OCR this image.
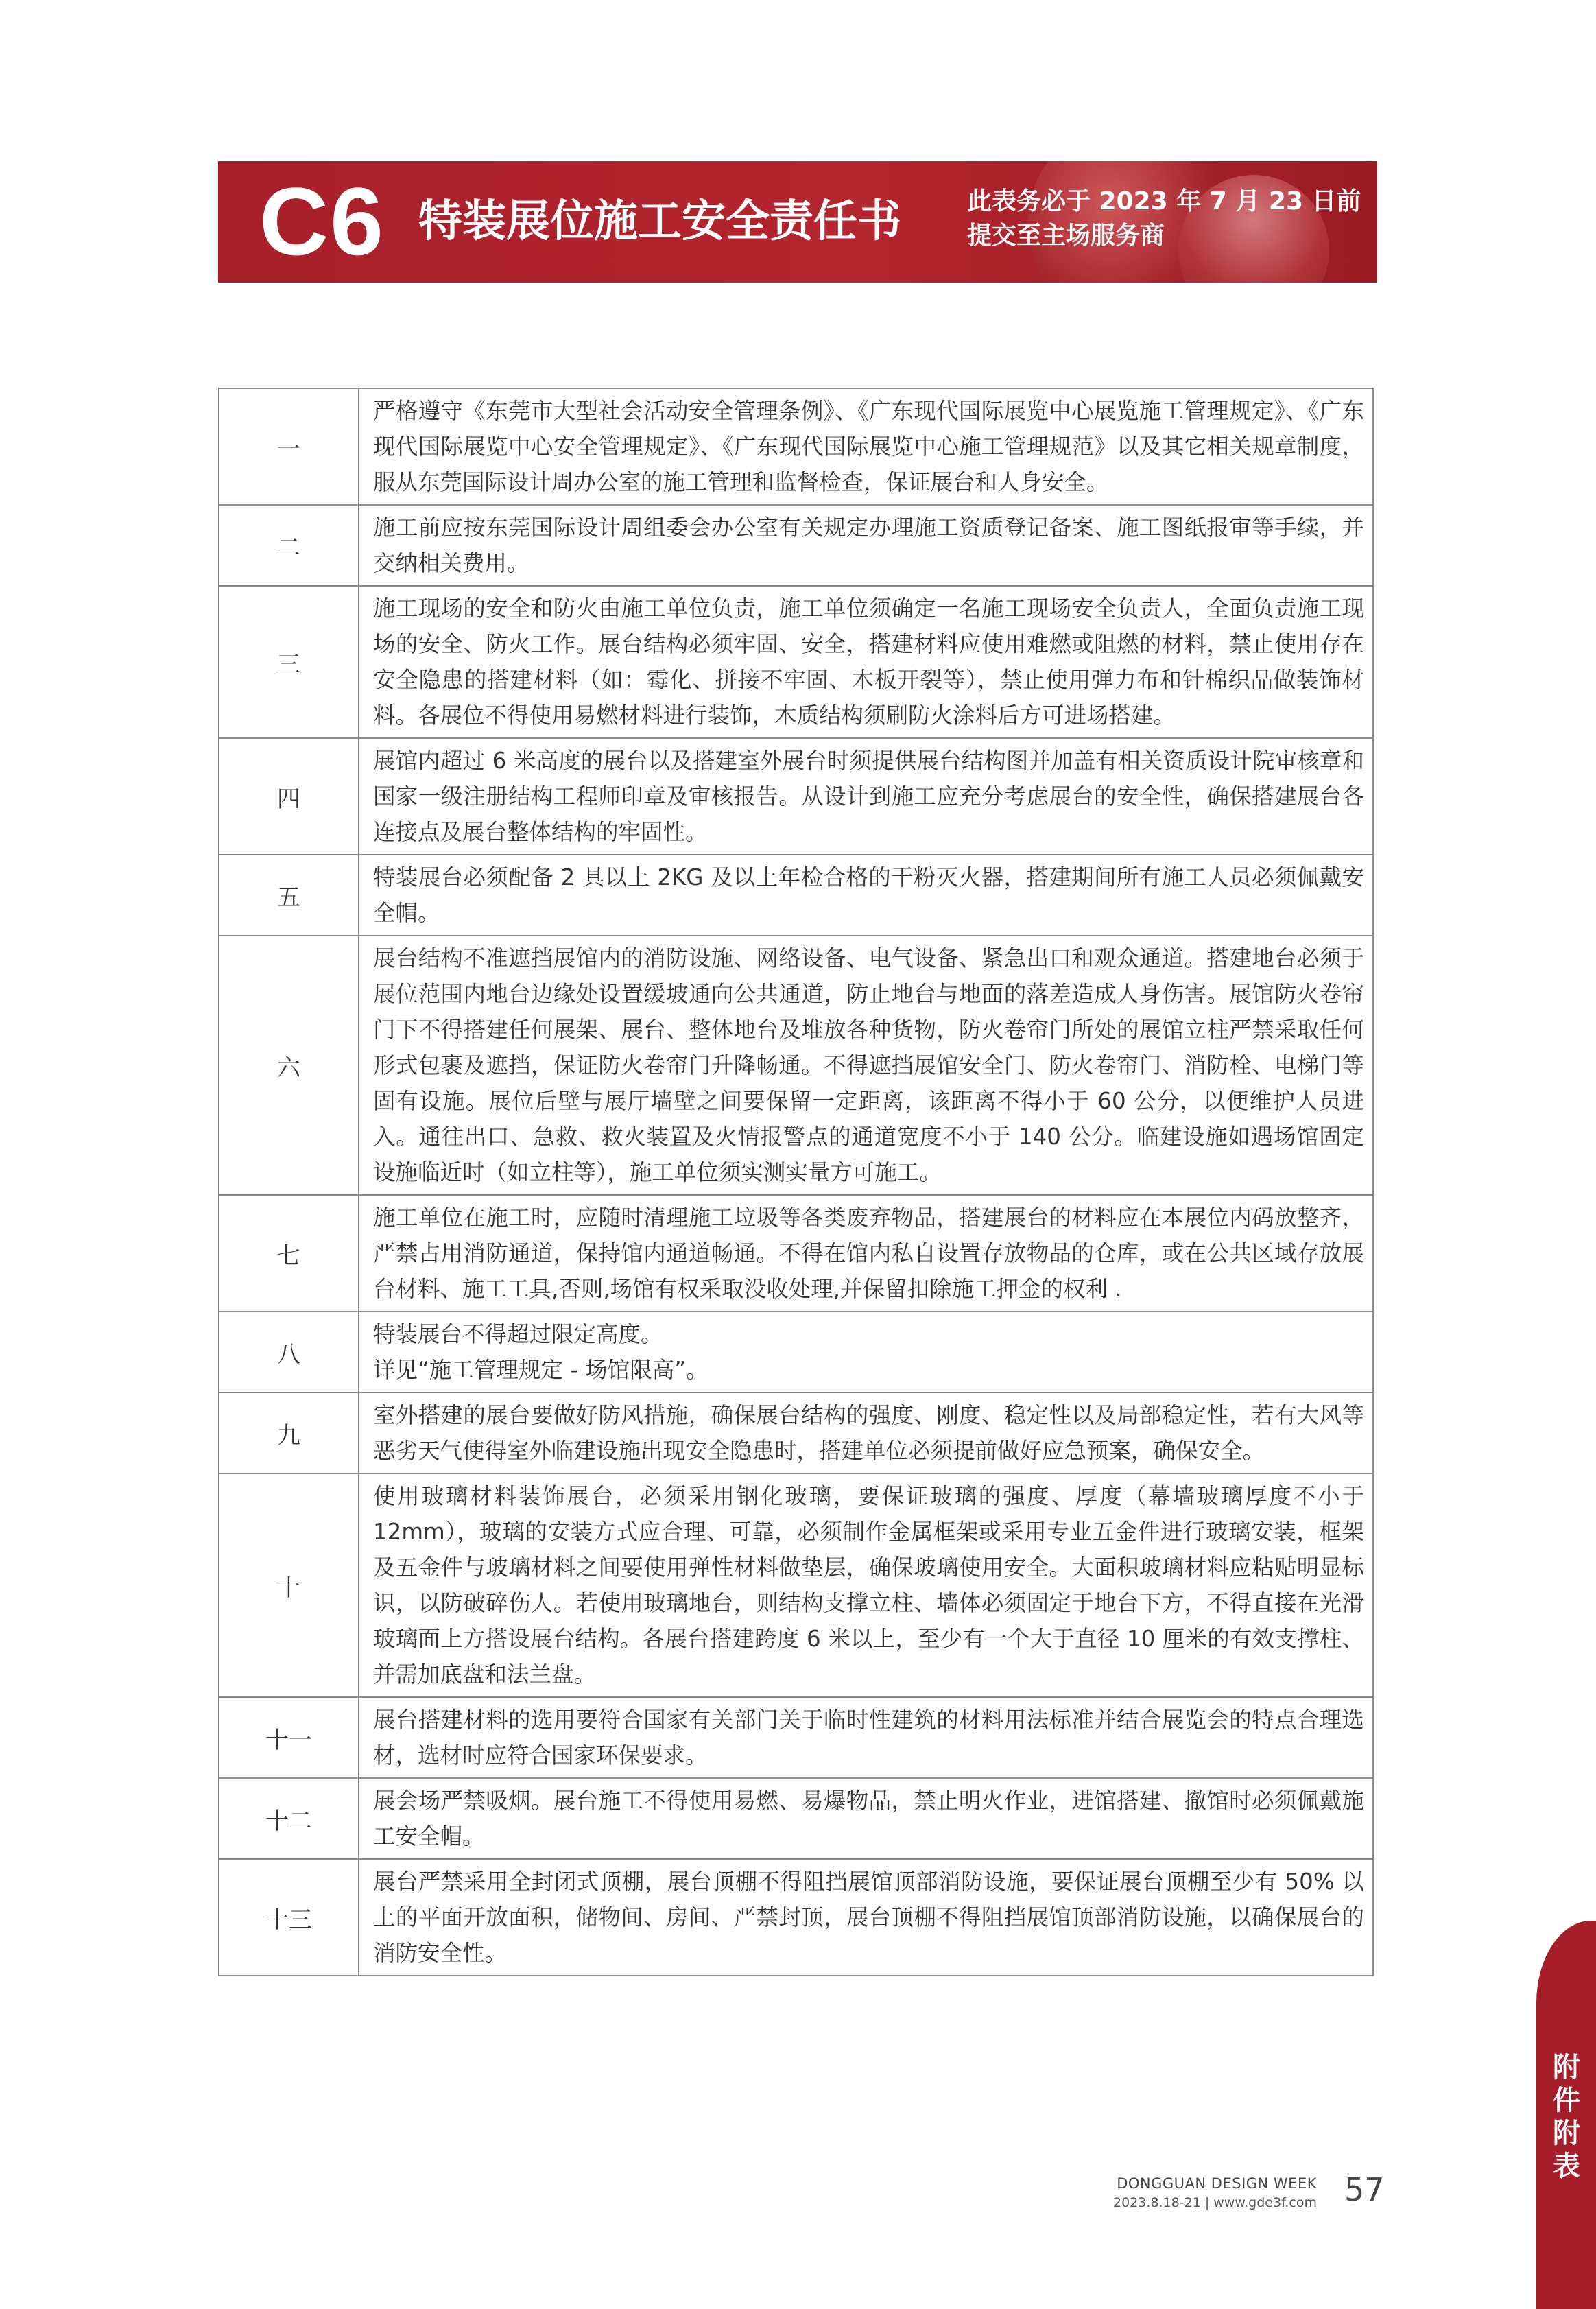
C6 特装展位施工安全责任书	此表务必于 2023 年 7 月 23 日前
提交至主场服务商
一	严格遵守《东莞市大型社会活动安全管理条例》、《广东现代国际展览中心展览施工管理规定》、《广东现代国际展览中心安全管理规定》、《广东现代国际展览中心施工管理规范》以及其它相关规章制度，服从东莞国际设计周办公室的施工管理和监督检查，保证展台和人身安全。
二	施工前应按东莞国际设计周组委会办公室有关规定办理施工资质登记备案、施工图纸报审等手续，并交纳相关费用。
三	施工现场的安全和防火由施工单位负责，施工单位须确定一名施工现场安全负责人，全面负责施工现场的安全、防火工作。展台结构必须牢固、安全，搭建材料应使用难燃或阻燃的材料，禁止使用存在安全隐患的搭建材料（如：霉化、拼接不牢固、木板开裂等），禁止使用弹力布和针棉织品做装饰材料。各展位不得使用易燃材料进行装饰，木质结构须刷防火涂料后方可进场搭建。
四	展馆内超过 6 米高度的展台以及搭建室外展台时须提供展台结构图并加盖有相关资质设计院审核章和国家一级注册结构工程师印章及审核报告。从设计到施工应充分考虑展台的安全性，确保搭建展台各连接点及展台整体结构的牢固性。
五	特装展台必须配备 2 具以上 2KG 及以上年检合格的干粉灭火器，搭建期间所有施工人员必须佩戴安全帽。
六	展台结构不准遮挡展馆内的消防设施、网络设备、电气设备、紧急出口和观众通道。搭建地台必须于展位范围内地台边缘处设置缓坡通向公共通道，防止地台与地面的落差造成人身伤害。展馆防火卷帘门下不得搭建任何展架、展台、整体地台及堆放各种货物，防火卷帘门所处的展馆立柱严禁采取任何形式包裹及遮挡，保证防火卷帘门升降畅通。不得遮挡展馆安全门、防火卷帘门、消防栓、电梯门等固有设施。展位后壁与展厅墙壁之间要保留一定距离，该距离不得小于 60 公分，以便维护人员进入。通往出口、急救、救火装置及火情报警点的通道宽度不小于 140 公分。临建设施如遇场馆固定设施临近时（如立柱等），施工单位须实测实量方可施工。
七	施工单位在施工时，应随时清理施工垃圾等各类废弃物品，搭建展台的材料应在本展位内码放整齐，严禁占用消防通道，保持馆内通道畅通。不得在馆内私自设置存放物品的仓库，或在公共区域存放展台材料、施工工具,否则,场馆有权采取没收处理,并保留扣除施工押金的权利 .
八	特装展台不得超过限定高度。
详见“施工管理规定 - 场馆限高”。
九	室外搭建的展台要做好防风措施，确保展台结构的强度、刚度、稳定性以及局部稳定性，若有大风等恶劣天气使得室外临建设施出现安全隐患时，搭建单位必须提前做好应急预案，确保安全。
十	使用玻璃材料装饰展台，必须采用钢化玻璃，要保证玻璃的强度、厚度（幕墙玻璃厚度不小于 12mm），玻璃的安装方式应合理、可靠，必须制作金属框架或采用专业五金件进行玻璃安装，框架及五金件与玻璃材料之间要使用弹性材料做垫层，确保玻璃使用安全。大面积玻璃材料应粘贴明显标识，以防破碎伤人。若使用玻璃地台，则结构支撑立柱、墙体必须固定于地台下方，不得直接在光滑玻璃面上方搭设展台结构。各展台搭建跨度 6 米以上，至少有一个大于直径 10 厘米的有效支撑柱、并需加底盘和法兰盘。
十一	展台搭建材料的选用要符合国家有关部门关于临时性建筑的材料用法标准并结合展览会的特点合理选材，选材时应符合国家环保要求。
十二	展会场严禁吸烟。展台施工不得使用易燃、易爆物品，禁止明火作业，进馆搭建、撤馆时必须佩戴施工安全帽。
十三	展台严禁采用全封闭式顶棚，展台顶棚不得阻挡展馆顶部消防设施，要保证展台顶棚至少有 50% 以上的平面开放面积，储物间、房间、严禁封顶，展台顶棚不得阻挡展馆顶部消防设施，以确保展台的消防安全性。
DONGGUAN DESIGN WEEK
2023.8.18-21 | www.gde3f.com 57
附件附表
